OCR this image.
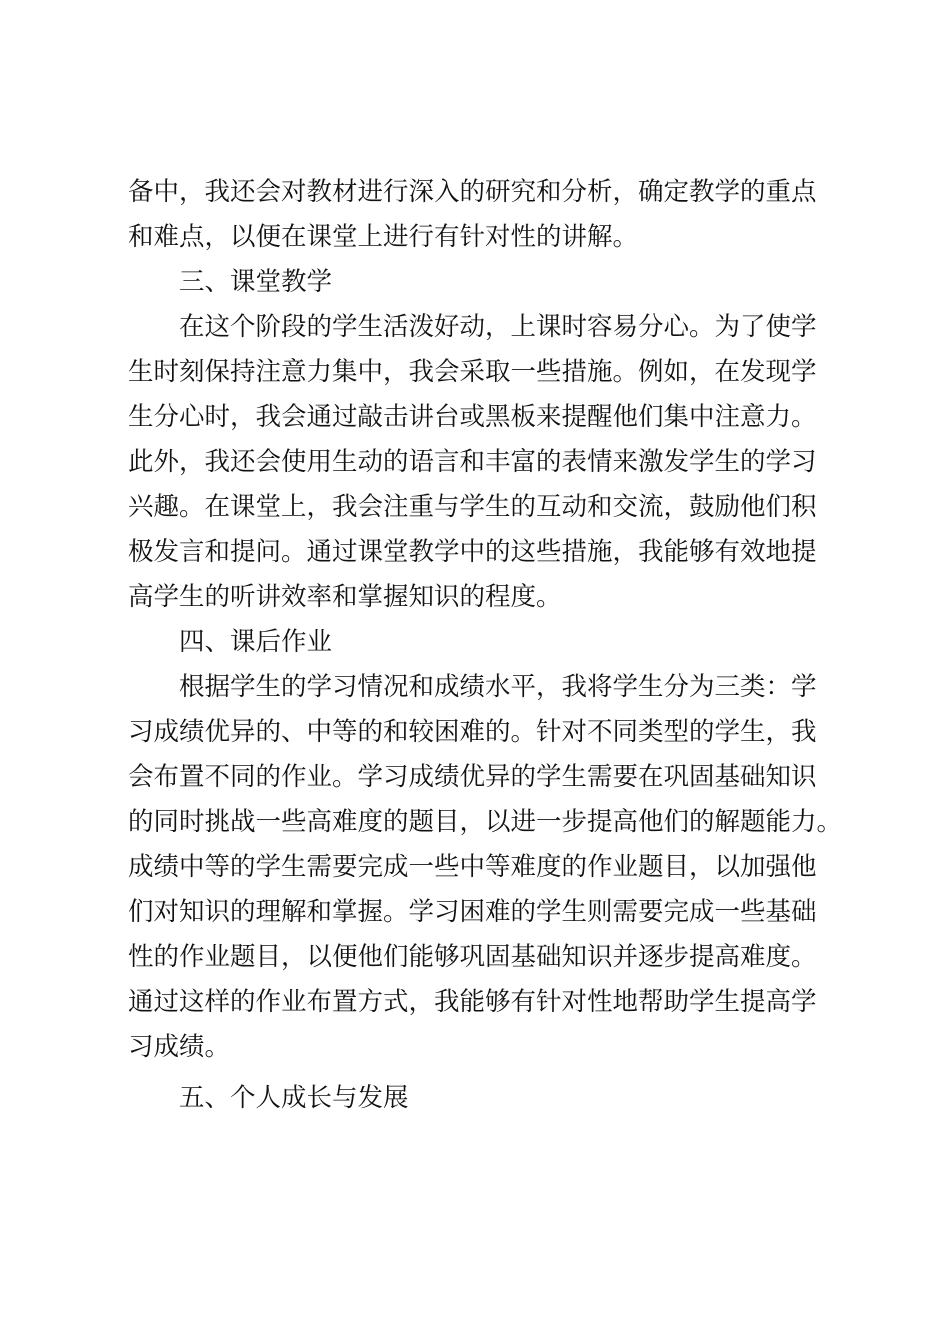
备中，我还会对教材进行深入的研究和分析，确定教学的重点
和难点，以便在课堂上进行有针对性的讲解。
三、课堂教学
在这个阶段的学生活泼好动，上课时容易分心。为了使学
生时刻保持注意力集中，我会采取一些措施。例如，在发现学
生分心时，我会通过敲击讲台或黑板来提醒他们集中注意力。
此外，我还会使用生动的语言和丰富的表情来激发学生的学习
兴趣。在课堂上，我会注重与学生的互动和交流，鼓励他们积
极发言和提问。通过课堂教学中的这些措施，我能够有效地提
高学生的听讲效率和掌握知识的程度。
四、课后作业
根据学生的学习情况和成绩水平，我将学生分为三类：学
习成绩优异的、中等的和较困难的。针对不同类型的学生，我
会布置不同的作业。学习成绩优异的学生需要在巩固基础知识
的同时挑战一些高难度的题目，以进一步提高他们的解题能力。
成绩中等的学生需要完成一些中等难度的作业题目，以加强他
们对知识的理解和掌握。学习困难的学生则需要完成一些基础
性的作业题目，以便他们能够巩固基础知识并逐步提高难度。
通过这样的作业布置方式，我能够有针对性地帮助学生提高学
习成绩。
五、个人成长与发展
